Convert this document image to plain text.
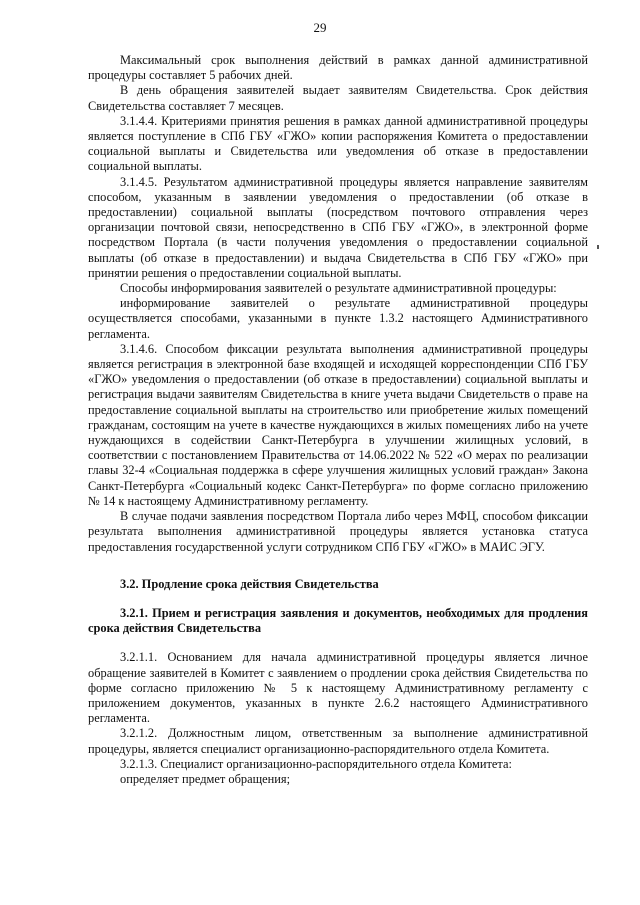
29

Максимальный срок выполнения действий в рамках данной административной процедуры составляет 5 рабочих дней.

В день обращения заявителей выдает заявителям Свидетельства. Срок действия Свидетельства составляет 7 месяцев.

3.1.4.4. Критериями принятия решения в рамках данной административной процедуры является поступление в СПб ГБУ «ГЖО» копии распоряжения Комитета о предоставлении социальной выплаты и Свидетельства или уведомления об отказе в предоставлении социальной выплаты.

3.1.4.5. Результатом административной процедуры является направление заявителям способом, указанным в заявлении уведомления о предоставлении (об отказе в предоставлении) социальной выплаты (посредством почтового отправления через организации почтовой связи, непосредственно в СПб ГБУ «ГЖО», в электронной форме посредством Портала (в части получения уведомления о предоставлении социальной выплаты (об отказе в предоставлении) и выдача Свидетельства в СПб ГБУ «ГЖО» при принятии решения о предоставлении социальной выплаты.

Способы информирования заявителей о результате административной процедуры:

информирование заявителей о результате административной процедуры осуществляется способами, указанными в пункте 1.3.2 настоящего Административного регламента.

3.1.4.6. Способом фиксации результата выполнения административной процедуры является регистрация в электронной базе входящей и исходящей корреспонденции СПб ГБУ «ГЖО» уведомления о предоставлении (об отказе в предоставлении) социальной выплаты и регистрация выдачи заявителям Свидетельства в книге учета выдачи Свидетельств о праве на предоставление социальной выплаты на строительство или приобретение жилых помещений гражданам, состоящим на учете в качестве нуждающихся в жилых помещениях либо на учете нуждающихся в содействии Санкт-Петербурга в улучшении жилищных условий, в соответствии с постановлением Правительства от 14.06.2022 № 522 «О мерах по реализации главы 32-4 «Социальная поддержка в сфере улучшения жилищных условий граждан» Закона Санкт-Петербурга «Социальный кодекс Санкт-Петербурга» по форме согласно приложению № 14 к настоящему Административному регламенту.

В случае подачи заявления посредством Портала либо через МФЦ, способом фиксации результата выполнения административной процедуры является установка статуса предоставления государственной услуги сотрудником СПб ГБУ «ГЖО» в МАИС ЭГУ.

3.2. Продление срока действия Свидетельства
3.2.1. Прием и регистрация заявления и документов, необходимых для продления срока действия Свидетельства

3.2.1.1. Основанием для начала административной процедуры является личное обращение заявителей в Комитет с заявлением о продлении срока действия Свидетельства по форме согласно приложению № 5 к настоящему Административному регламенту с приложением документов, указанных в пункте 2.6.2 настоящего Административного регламента.

3.2.1.2. Должностным лицом, ответственным за выполнение административной процедуры, является специалист организационно-распорядительного отдела Комитета.

3.2.1.3. Специалист организационно-распорядительного отдела Комитета:

определяет предмет обращения;
